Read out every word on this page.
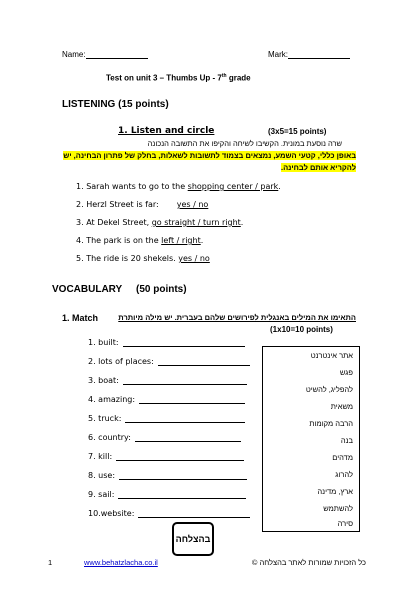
Name:	Mark:
Test on unit 3 – Thumbs Up - 7th grade
LISTENING (15 points)
1. Listen and circle	(3x5=15 points)
שרה נוסעת במונית. הקשיבו לשיחה והקיפו את התשובה הנכונה
באופן כללי, קטעי השמע, נמצאים בצמוד לתשובות לשאלות, בחלק של פתרון הבחינה, יש
להקריא אותם לבחינה.
1. Sarah wants to go to the shopping center / park.
2. Herzl Street is far: yes / no
3. At Dekel Street, go straight / turn right.
4. The park is on the left / right.
5. The ride is 20 shekels. yes / no
VOCABULARY (50 points)
1. Match	התאימו את המילים באנגלית לפירושים שלהם בעברית. יש מילה מיותרת
(1x10=10 points)
1. built:
2. lots of places:
3. boat:
4. amazing:
5. truck:
6. country:
7. kill:
8. use:
9. sail:
10.website:
אתר אינטרנט
פגש
להפליג, להשיט
משאית
הרבה מקומות
בנה
מדהים
להרוג
ארץ, מדינה
להשתמש
סירה
בהצלחה
1	www.behatzlacha.co.il	כל הזכויות שמורות לאתר בהצלחה ©
